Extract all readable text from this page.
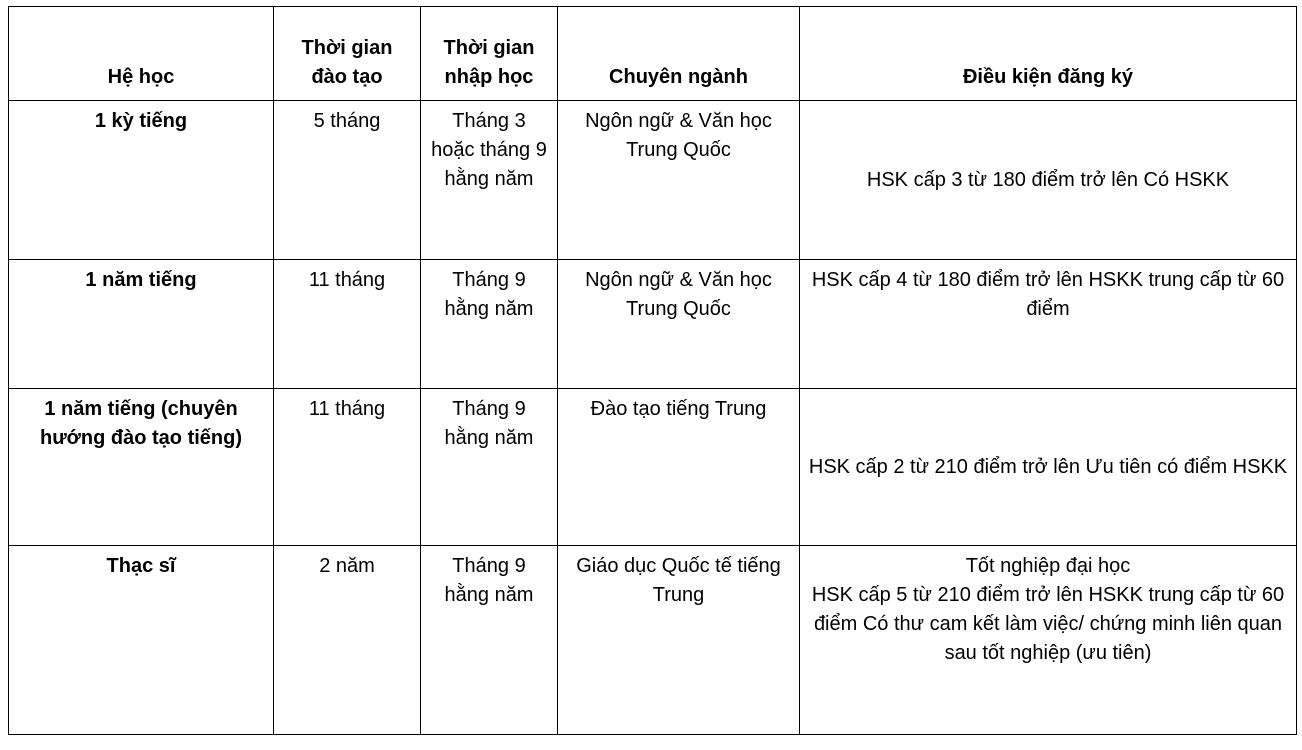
Hệ học	Thời gian đào tạo	Thời gian nhập học	Chuyên ngành	Điều kiện đăng ký
1 kỳ tiếng	5 tháng	Tháng 3 hoặc tháng 9 hằng năm	Ngôn ngữ & Văn học Trung Quốc	HSK cấp 3 từ 180 điểm trở lên Có HSKK
1 năm tiếng	11 tháng	Tháng 9 hằng năm	Ngôn ngữ & Văn học Trung Quốc	HSK cấp 4 từ 180 điểm trở lên HSKK trung cấp từ 60 điểm
1 năm tiếng (chuyên hướng đào tạo tiếng)	11 tháng	Tháng 9 hằng năm	Đào tạo tiếng Trung	HSK cấp 2 từ 210 điểm trở lên Ưu tiên có điểm HSKK
Thạc sĩ	2 năm	Tháng 9 hằng năm	Giáo dục Quốc tế tiếng Trung	Tốt nghiệp đại học
HSK cấp 5 từ 210 điểm trở lên HSKK trung cấp từ 60 điểm Có thư cam kết làm việc/ chứng minh liên quan sau tốt nghiệp (ưu tiên)
